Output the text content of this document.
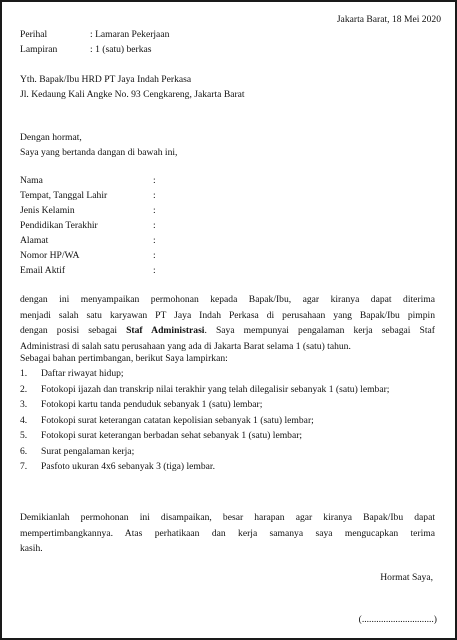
Jakarta Barat, 18 Mei 2020
Perihal	: Lamaran Pekerjaan
Lampiran	: 1 (satu) berkas
Yth. Bapak/Ibu HRD PT Jaya Indah Perkasa
Jl. Kedaung Kali Angke No. 93 Cengkareng, Jakarta Barat
Dengan hormat,
Saya yang bertanda dangan di bawah ini,
Nama	:
Tempat, Tanggal Lahir	:
Jenis Kelamin	:
Pendidikan Terakhir	:
Alamat	:
Nomor HP/WA	:
Email Aktif	:
dengan ini menyampaikan permohonan kepada Bapak/Ibu, agar kiranya dapat diterima
menjadi salah satu karyawan PT Jaya Indah Perkasa di perusahaan yang Bapak/Ibu pimpin
dengan posisi sebagai Staf Administrasi. Saya mempunyai pengalaman kerja sebagai Staf
Administrasi di salah satu perusahaan yang ada di Jakarta Barat selama 1 (satu) tahun.
Sebagai bahan pertimbangan, berikut Saya lampirkan:
1. Daftar riwayat hidup;
2. Fotokopi ijazah dan transkrip nilai terakhir yang telah dilegalisir sebanyak 1 (satu) lembar;
3. Fotokopi kartu tanda penduduk sebanyak 1 (satu) lembar;
4. Fotokopi surat keterangan catatan kepolisian sebanyak 1 (satu) lembar;
5. Fotokopi surat keterangan berbadan sehat sebanyak 1 (satu) lembar;
6. Surat pengalaman kerja;
7. Pasfoto ukuran 4x6 sebanyak 3 (tiga) lembar.
Demikianlah permohonan ini disampaikan, besar harapan agar kiranya Bapak/Ibu dapat
mempertimbangkannya. Atas perhatikaan dan kerja samanya saya mengucapkan terima
kasih.
Hormat Saya,
(..............................)
